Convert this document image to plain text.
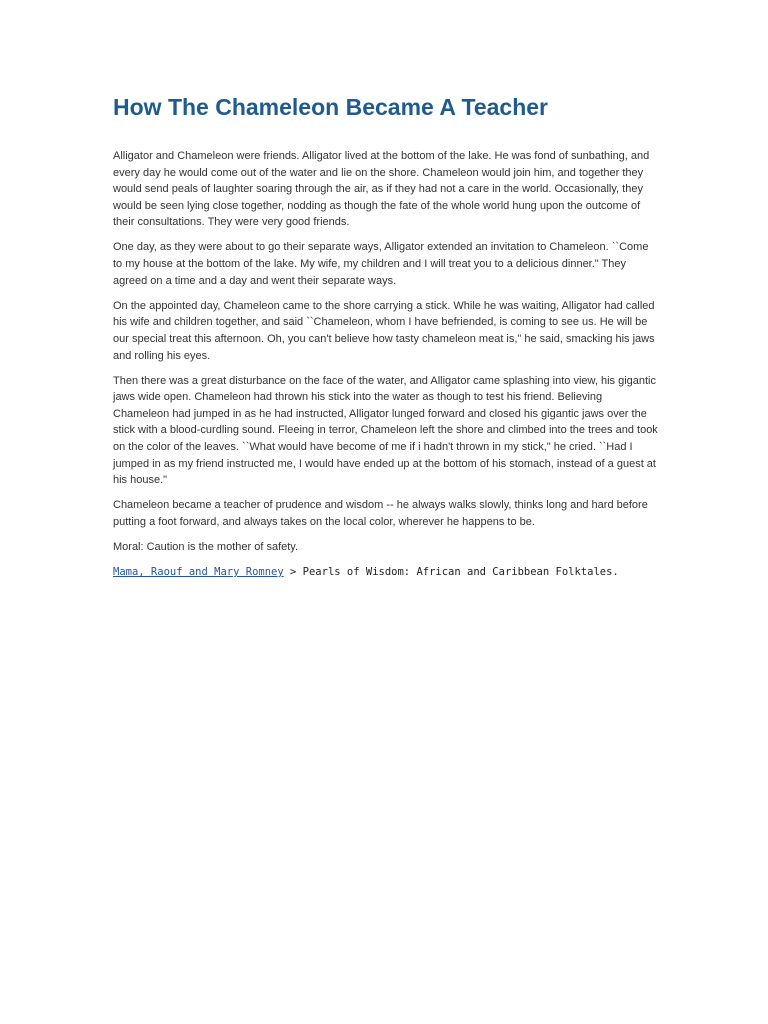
How The Chameleon Became A Teacher

Alligator and Chameleon were friends. Alligator lived at the bottom of the lake. He was fond of sunbathing, and every day he would come out of the water and lie on the shore. Chameleon would join him, and together they would send peals of laughter soaring through the air, as if they had not a care in the world. Occasionally, they would be seen lying close together, nodding as though the fate of the whole world hung upon the outcome of their consultations. They were very good friends.

One day, as they were about to go their separate ways, Alligator extended an invitation to Chameleon. ``Come to my house at the bottom of the lake. My wife, my children and I will treat you to a delicious dinner." They agreed on a time and a day and went their separate ways.

On the appointed day, Chameleon came to the shore carrying a stick. While he was waiting, Alligator had called his wife and children together, and said ``Chameleon, whom I have befriended, is coming to see us. He will be our special treat this afternoon. Oh, you can't believe how tasty chameleon meat is," he said, smacking his jaws and rolling his eyes.

Then there was a great disturbance on the face of the water, and Alligator came splashing into view, his gigantic jaws wide open. Chameleon had thrown his stick into the water as though to test his friend. Believing Chameleon had jumped in as he had instructed, Alligator lunged forward and closed his gigantic jaws over the stick with a blood-curdling sound. Fleeing in terror, Chameleon left the shore and climbed into the trees and took on the color of the leaves. ``What would have become of me if i hadn't thrown in my stick," he cried. ``Had I jumped in as my friend instructed me, I would have ended up at the bottom of his stomach, instead of a guest at his house."

Chameleon became a teacher of prudence and wisdom -- he always walks slowly, thinks long and hard before putting a foot forward, and always takes on the local color, wherever he happens to be.

Moral: Caution is the mother of safety.

Mama, Raouf and Mary Romney > Pearls of Wisdom: African and Caribbean Folktales.
